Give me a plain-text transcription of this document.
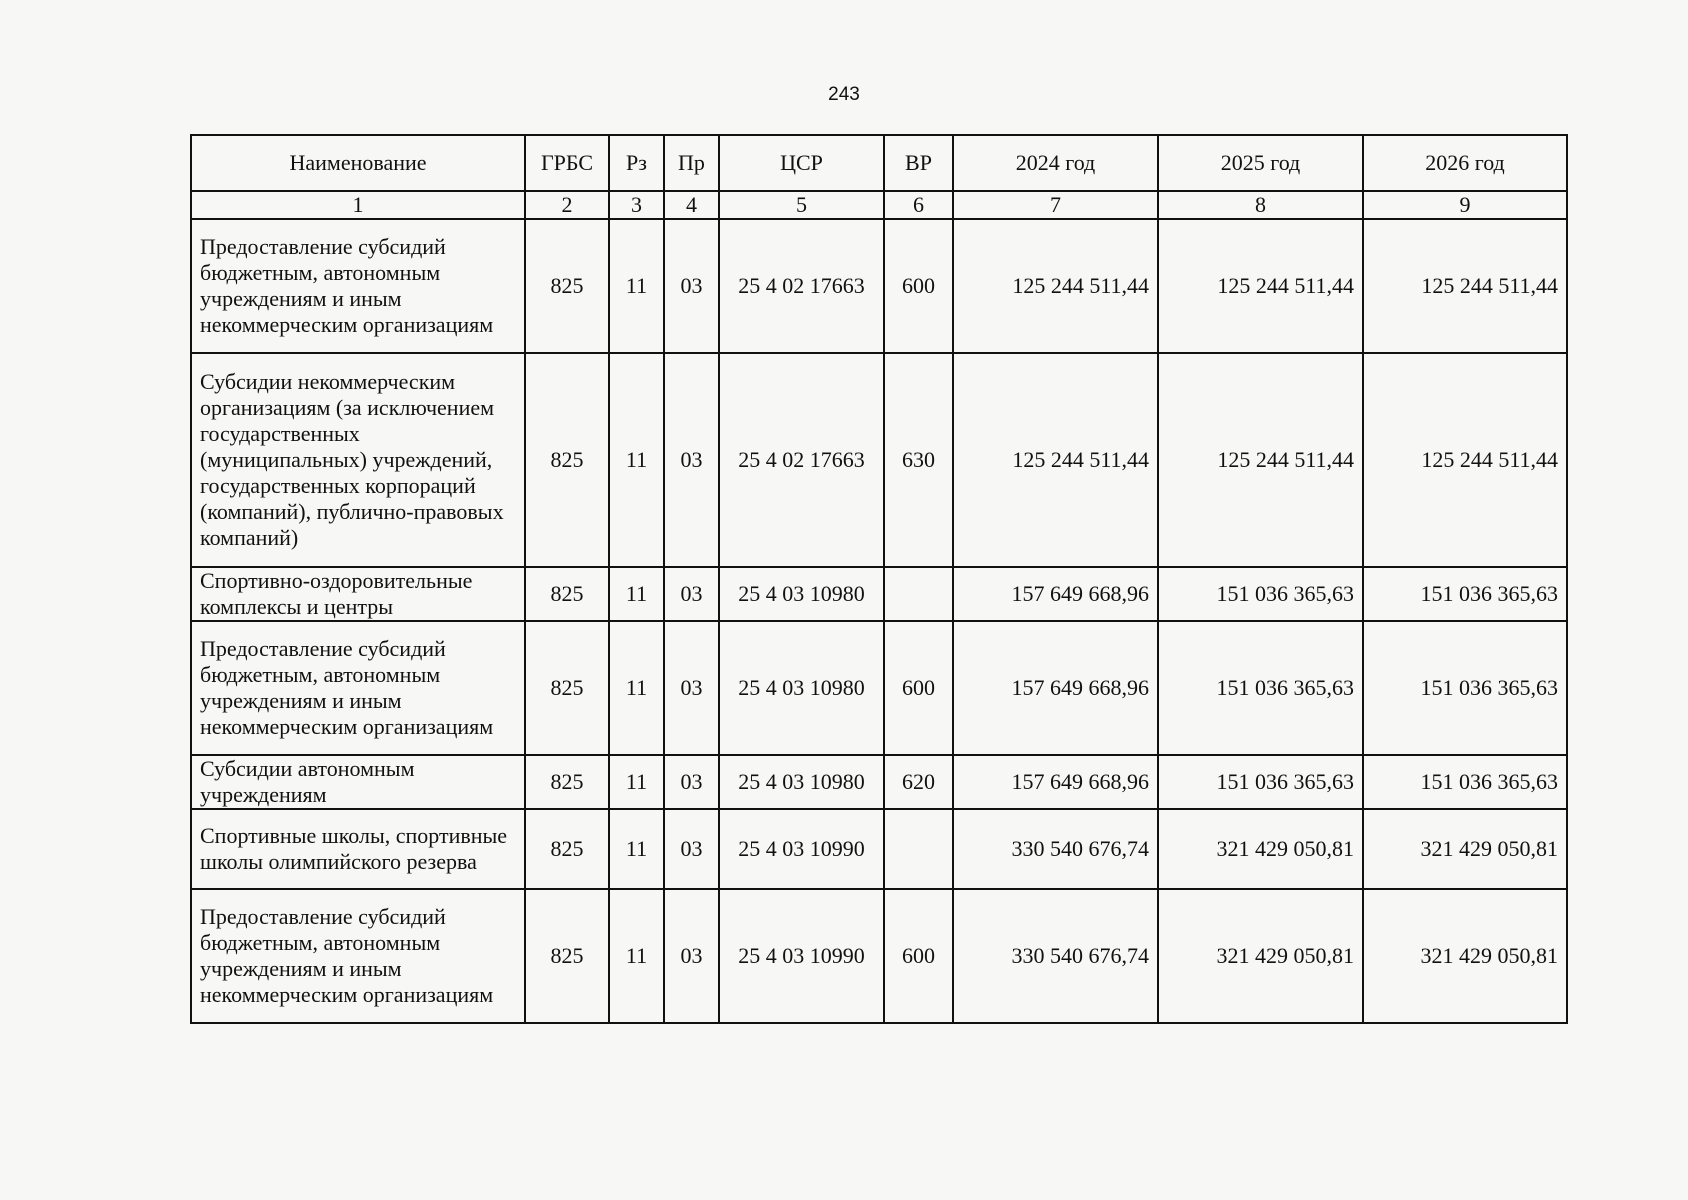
243
Наименование	ГРБС	Рз	Пр	ЦСР	ВР	2024 год	2025 год	2026 год
1	2	3	4	5	6	7	8	9
Предоставление субсидий бюджетным, автономным учреждениям и иным некоммерческим организациям	825	11	03	25 4 02 17663	600	125 244 511,44	125 244 511,44	125 244 511,44
Субсидии некоммерческим организациям (за исключением государственных (муниципальных) учреждений, государственных корпораций (компаний), публично-правовых компаний)	825	11	03	25 4 02 17663	630	125 244 511,44	125 244 511,44	125 244 511,44
Спортивно-оздоровительные комплексы и центры	825	11	03	25 4 03 10980		157 649 668,96	151 036 365,63	151 036 365,63
Предоставление субсидий бюджетным, автономным учреждениям и иным некоммерческим организациям	825	11	03	25 4 03 10980	600	157 649 668,96	151 036 365,63	151 036 365,63
Субсидии автономным учреждениям	825	11	03	25 4 03 10980	620	157 649 668,96	151 036 365,63	151 036 365,63
Спортивные школы, спортивные школы олимпийского резерва	825	11	03	25 4 03 10990		330 540 676,74	321 429 050,81	321 429 050,81
Предоставление субсидий бюджетным, автономным учреждениям и иным некоммерческим организациям	825	11	03	25 4 03 10990	600	330 540 676,74	321 429 050,81	321 429 050,81
